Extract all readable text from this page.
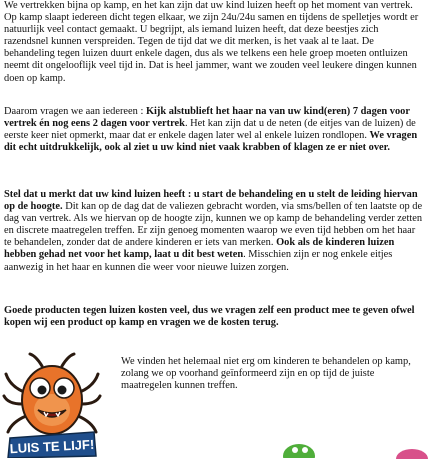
We vertrekken bijna op kamp, en het kan zijn dat uw kind luizen heeft op het moment van vertrek. Op kamp slaapt iedereen dicht tegen elkaar, we zijn 24u/24u samen en tijdens de spelletjes wordt er natuurlijk veel contact gemaakt. U begrijpt, als iemand luizen heeft, dat deze beestjes zich razendsnel kunnen verspreiden. Tegen de tijd dat we dit merken, is het vaak al te laat. De behandeling tegen luizen duurt enkele dagen, dus als we telkens een hele groep moeten ontluizen neemt dit ongelooflijk veel tijd in. Dat is heel jammer, want we zouden veel leukere dingen kunnen doen op kamp.

Daarom vragen we aan iedereen : Kijk alstublieft het haar na van uw kind(eren) 7 dagen voor vertrek én nog eens 2 dagen voor vertrek. Het kan zijn dat u de neten (de eitjes van de luizen) de eerste keer niet opmerkt, maar dat er enkele dagen later wel al enkele luizen rondlopen. We vragen dit echt uitdrukkelijk, ook al ziet u uw kind niet vaak krabben of klagen ze er niet over.

Stel dat u merkt dat uw kind luizen heeft : u start de behandeling en u stelt de leiding hiervan op de hoogte. Dit kan op de dag dat de valiezen gebracht worden, via sms/bellen of ten laatste op de dag van vertrek. Als we hiervan op de hoogte zijn, kunnen we op kamp de behandeling verder zetten en discrete maatregelen treffen. Er zijn genoeg momenten waarop we even tijd hebben om het haar te behandelen, zonder dat de andere kinderen er iets van merken. Ook als de kinderen luizen hebben gehad net voor het kamp, laat u dit best weten. Misschien zijn er nog enkele eitjes aanwezig in het haar en kunnen die weer voor nieuwe luizen zorgen.

Goede producten tegen luizen kosten veel, dus we vragen zelf een product mee te geven ofwel kopen wij een product op kamp en vragen we de kosten terug.

We vinden het helemaal niet erg om kinderen te behandelen op kamp, zolang we op voorhand geïnformeerd zijn en op tijd de juiste maatregelen kunnen treffen.

LUIS TE LIJF!
